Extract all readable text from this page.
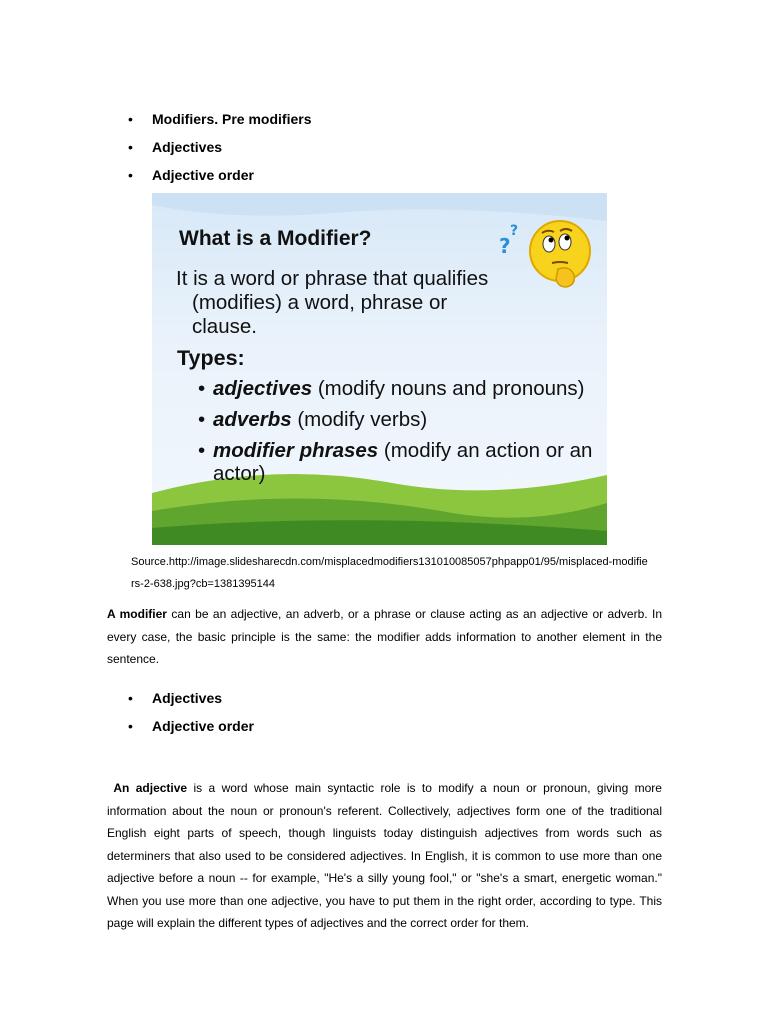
• Modifiers. Pre modifiers
• Adjectives
• Adjective order
What is a Modifier?
It is a word or phrase that qualifies
(modifies) a word, phrase or
clause.
Types:
• adjectives (modify nouns and pronouns)
• adverbs (modify verbs)
• modifier phrases (modify an action or an actor)
?
?
Source.http://image.slidesharecdn.com/misplacedmodifiers131010085057phpapp01/95/misplaced-modifiers-2-638.jpg?cb=1381395144

A modifier can be an adjective, an adverb, or a phrase or clause acting as an adjective or adverb. In every case, the basic principle is the same: the modifier adds information to another element in the sentence.

• Adjectives
• Adjective order

An adjective is a word whose main syntactic role is to modify a noun or pronoun, giving more information about the noun or pronoun's referent. Collectively, adjectives form one of the traditional English eight parts of speech, though linguists today distinguish adjectives from words such as determiners that also used to be considered adjectives. In English, it is common to use more than one adjective before a noun -- for example, "He's a silly young fool," or "she's a smart, energetic woman." When you use more than one adjective, you have to put them in the right order, according to type. This page will explain the different types of adjectives and the correct order for them.
